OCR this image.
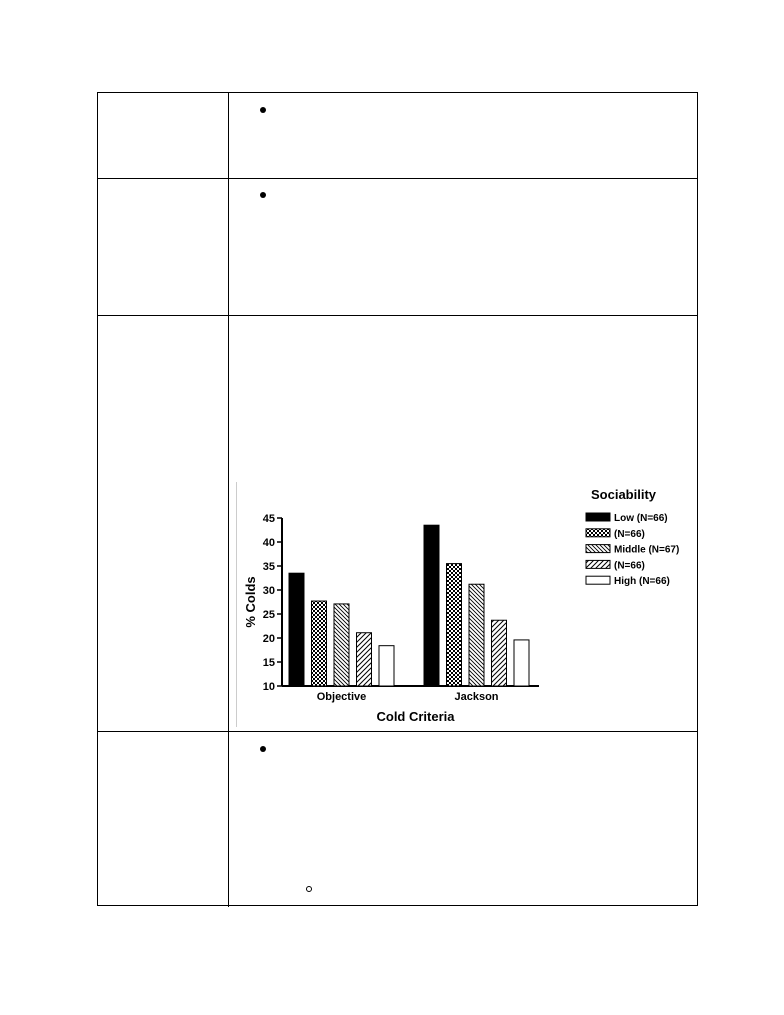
45
40
35
30
25
20
15
10
% Colds
Cold Criteria
Objective	Jackson
Sociability
Low (N=66)
(N=66)
Middle (N=67)
(N=66)
High (N=66)
